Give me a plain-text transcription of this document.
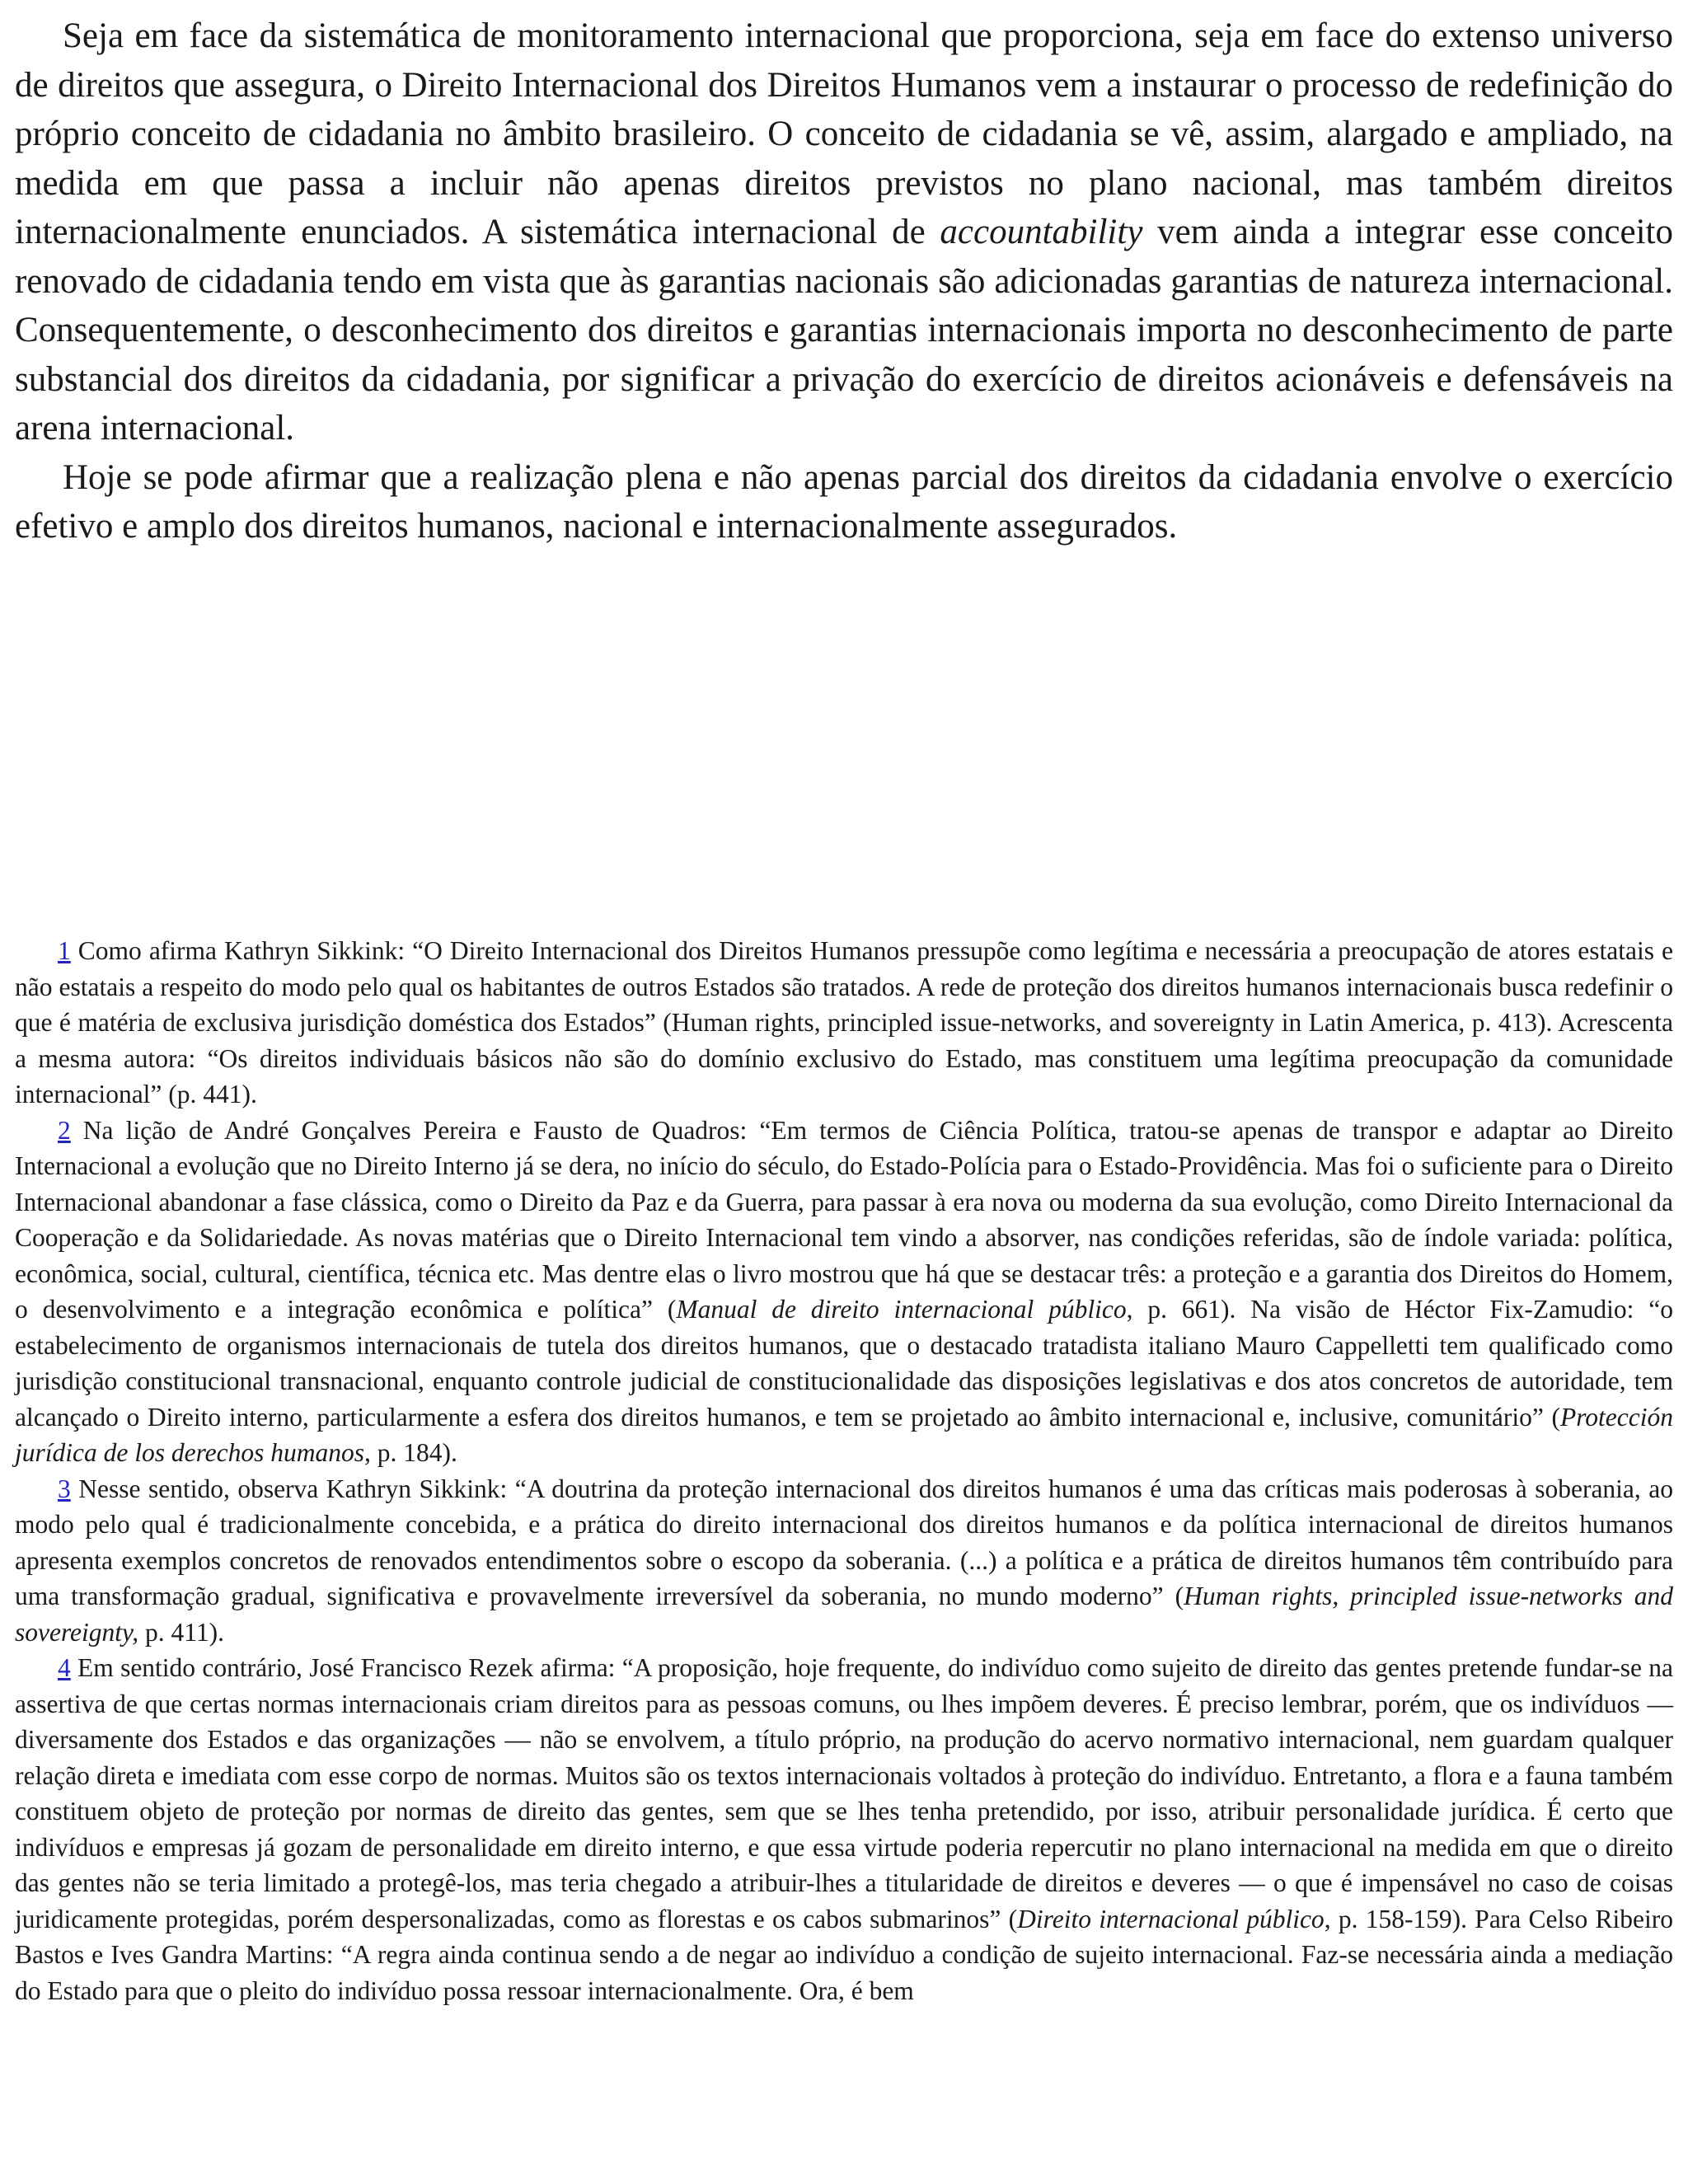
Seja em face da sistemática de monitoramento internacional que proporciona, seja em face do extenso universo de direitos que assegura, o Direito Internacional dos Direitos Humanos vem a instaurar o processo de redefinição do próprio conceito de cidadania no âmbito brasileiro. O conceito de cidadania se vê, assim, alargado e ampliado, na medida em que passa a incluir não apenas direitos previstos no plano nacional, mas também direitos internacionalmente enunciados. A sistemática internacional de accountability vem ainda a integrar esse conceito renovado de cidadania tendo em vista que às garantias nacionais são adicionadas garantias de natureza internacional. Consequentemente, o desconhecimento dos direitos e garantias internacionais importa no desconhecimento de parte substancial dos direitos da cidadania, por significar a privação do exercício de direitos acionáveis e defensáveis na arena internacional.

Hoje se pode afirmar que a realização plena e não apenas parcial dos direitos da cidadania envolve o exercício efetivo e amplo dos direitos humanos, nacional e internacionalmente assegurados.

1 Como afirma Kathryn Sikkink: “O Direito Internacional dos Direitos Humanos pressupõe como legítima e necessária a preocupação de atores estatais e não estatais a respeito do modo pelo qual os habitantes de outros Estados são tratados. A rede de proteção dos direitos humanos internacionais busca redefinir o que é matéria de exclusiva jurisdição doméstica dos Estados” (Human rights, principled issue-networks, and sovereignty in Latin America, p. 413). Acrescenta a mesma autora: “Os direitos individuais básicos não são do domínio exclusivo do Estado, mas constituem uma legítima preocupação da comunidade internacional” (p. 441).

2 Na lição de André Gonçalves Pereira e Fausto de Quadros: “Em termos de Ciência Política, tratou-se apenas de transpor e adaptar ao Direito Internacional a evolução que no Direito Interno já se dera, no início do século, do Estado-Polícia para o Estado-Providência. Mas foi o suficiente para o Direito Internacional abandonar a fase clássica, como o Direito da Paz e da Guerra, para passar à era nova ou moderna da sua evolução, como Direito Internacional da Cooperação e da Solidariedade. As novas matérias que o Direito Internacional tem vindo a absorver, nas condições referidas, são de índole variada: política, econômica, social, cultural, científica, técnica etc. Mas dentre elas o livro mostrou que há que se destacar três: a proteção e a garantia dos Direitos do Homem, o desenvolvimento e a integração econômica e política” (Manual de direito internacional público, p. 661). Na visão de Héctor Fix-Zamudio: “o estabelecimento de organismos internacionais de tutela dos direitos humanos, que o destacado tratadista italiano Mauro Cappelletti tem qualificado como jurisdição constitucional transnacional, enquanto controle judicial de constitucionalidade das disposições legislativas e dos atos concretos de autoridade, tem alcançado o Direito interno, particularmente a esfera dos direitos humanos, e tem se projetado ao âmbito internacional e, inclusive, comunitário” (Protección jurídica de los derechos humanos, p. 184).

3 Nesse sentido, observa Kathryn Sikkink: “A doutrina da proteção internacional dos direitos humanos é uma das críticas mais poderosas à soberania, ao modo pelo qual é tradicionalmente concebida, e a prática do direito internacional dos direitos humanos e da política internacional de direitos humanos apresenta exemplos concretos de renovados entendimentos sobre o escopo da soberania. (...) a política e a prática de direitos humanos têm contribuído para uma transformação gradual, significativa e provavelmente irreversível da soberania, no mundo moderno” (Human rights, principled issue-networks and sovereignty, p. 411).

4 Em sentido contrário, José Francisco Rezek afirma: “A proposição, hoje frequente, do indivíduo como sujeito de direito das gentes pretende fundar-se na assertiva de que certas normas internacionais criam direitos para as pessoas comuns, ou lhes impõem deveres. É preciso lembrar, porém, que os indivíduos — diversamente dos Estados e das organizações — não se envolvem, a título próprio, na produção do acervo normativo internacional, nem guardam qualquer relação direta e imediata com esse corpo de normas. Muitos são os textos internacionais voltados à proteção do indivíduo. Entretanto, a flora e a fauna também constituem objeto de proteção por normas de direito das gentes, sem que se lhes tenha pretendido, por isso, atribuir personalidade jurídica. É certo que indivíduos e empresas já gozam de personalidade em direito interno, e que essa virtude poderia repercutir no plano internacional na medida em que o direito das gentes não se teria limitado a protegê-los, mas teria chegado a atribuir-lhes a titularidade de direitos e deveres — o que é impensável no caso de coisas juridicamente protegidas, porém despersonalizadas, como as florestas e os cabos submarinos” (Direito internacional público, p. 158-159). Para Celso Ribeiro Bastos e Ives Gandra Martins: “A regra ainda continua sendo a de negar ao indivíduo a condição de sujeito internacional. Faz-se necessária ainda a mediação do Estado para que o pleito do indivíduo possa ressoar internacionalmente. Ora, é bem
